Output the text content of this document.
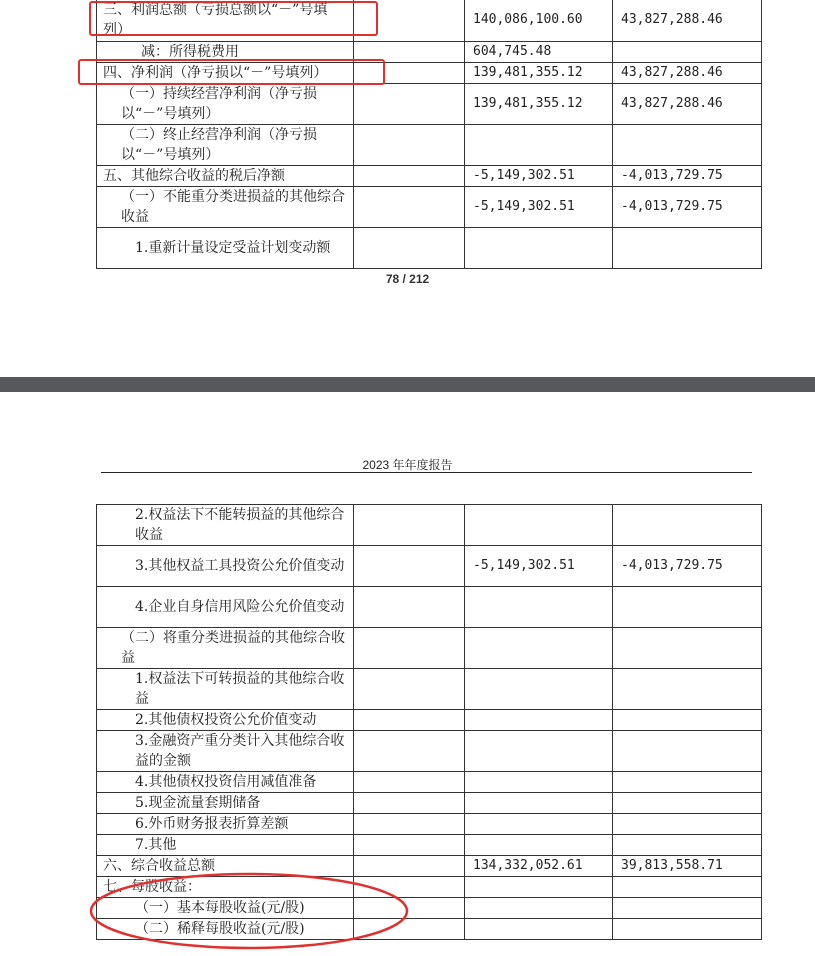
三、利润总额（亏损总额以“－”号填列）		140,086,100.60	43,827,288.46
减：所得税费用		604,745.48	
四、净利润（净亏损以“－”号填列）		139,481,355.12	43,827,288.46
（一）持续经营净利润（净亏损以“－”号填列）		139,481,355.12	43,827,288.46
（二）终止经营净利润（净亏损以“－”号填列）			
五、其他综合收益的税后净额		-5,149,302.51	-4,013,729.75
（一）不能重分类进损益的其他综合收益		-5,149,302.51	-4,013,729.75
1.重新计量设定受益计划变动额			
78 / 212
2023 年年度报告
2.权益法下不能转损益的其他综合收益			
3.其他权益工具投资公允价值变动		-5,149,302.51	-4,013,729.75
4.企业自身信用风险公允价值变动			
（二）将重分类进损益的其他综合收益			
1.权益法下可转损益的其他综合收益			
2.其他债权投资公允价值变动			
3.金融资产重分类计入其他综合收益的金额			
4.其他债权投资信用减值准备			
5.现金流量套期储备			
6.外币财务报表折算差额			
7.其他			
六、综合收益总额		134,332,052.61	39,813,558.71
七、每股收益：			
（一）基本每股收益(元/股)			
（二）稀释每股收益(元/股)			
